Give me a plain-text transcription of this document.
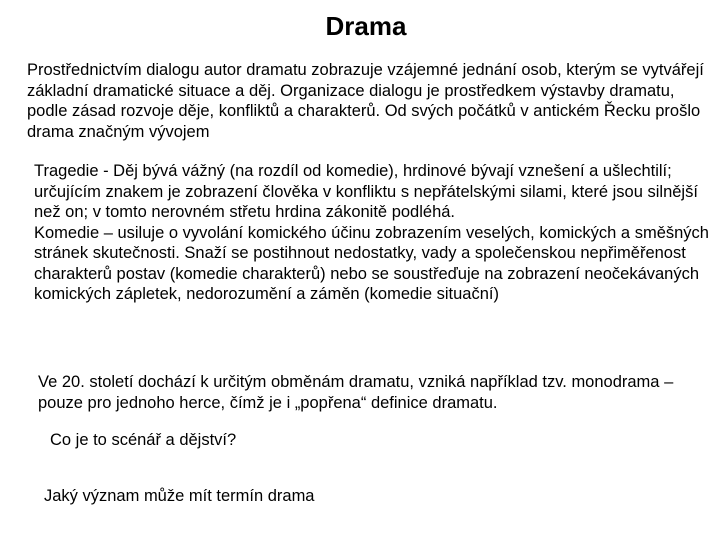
Drama

Prostřednictvím dialogu autor dramatu zobrazuje vzájemné jednání osob, kterým se vytvářejí základní dramatické situace a děj. Organizace dialogu je prostředkem výstavby dramatu, podle zásad rozvoje děje, konfliktů a charakterů. Od svých počátků v antickém Řecku prošlo drama značným vývojem

Tragedie - Děj bývá vážný (na rozdíl od komedie), hrdinové bývají vznešení a ušlechtilí; určujícím znakem je zobrazení člověka v konfliktu s nepřátelskými silami, které jsou silnější než on; v tomto nerovném střetu hrdina zákonitě podléhá.

Komedie – usiluje o vyvolání komického účinu zobrazením veselých, komických a směšných stránek skutečnosti. Snaží se postihnout nedostatky, vady a společenskou nepřiměřenost charakterů postav (komedie charakterů) nebo se soustřeďuje na zobrazení neočekávaných komických zápletek, nedorozumění a záměn (komedie situační)

Ve 20. století dochází k určitým obměnám dramatu, vzniká například tzv. monodrama – pouze pro jednoho herce, čímž je i „popřena“ definice dramatu.

Co je to scénář a dějství?

Jaký význam může mít termín drama
